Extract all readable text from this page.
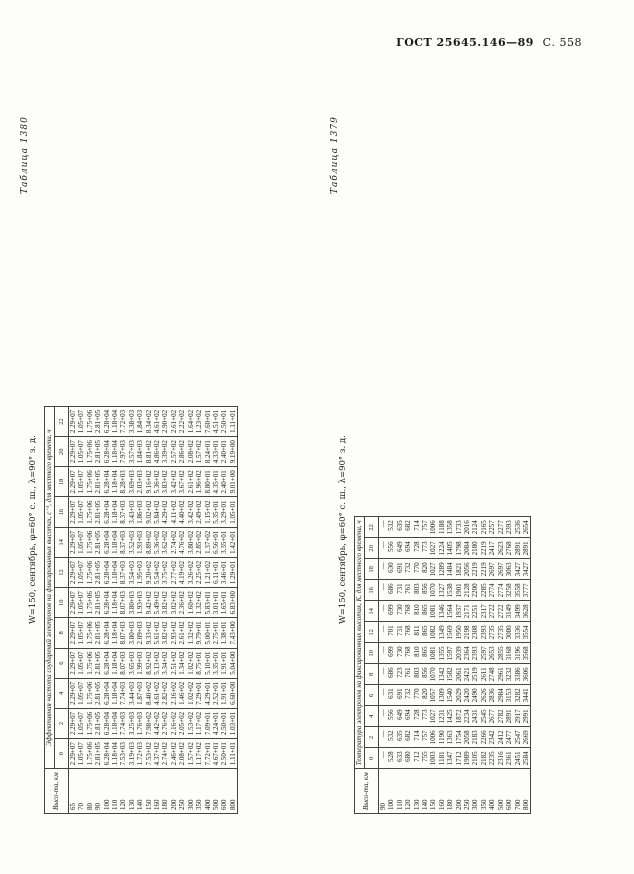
ГОСТ 25645.146—89 С. 558
Таблица 1379
W=150, сентябрь, φ=60° с. ш., λ=90° з. д.
Высо-та, км	Температура электронов на фиксированных высотах, К, для местного времени, ч											
	0	2	4	6	8	10	12	14	16	18	20	22
90	—	—	—	—	—	—	—	—	—	—	—	—
100	528	532	556	631	686	699	701	699	686	630	556	532
110	633	635	649	691	723	730	731	730	731	691	649	635
120	680	682	694	732	761	768	768	768	761	732	694	682
130	712	714	728	770	803	810	811	810	803	770	728	714
140	755	757	773	820	856	865	865	865	856	820	773	757
150	1003	1006	1027	1057	1070	1081	1082	1081	1070	1027	1027	1006
160	1181	1190	1231	1309	1342	1355	1349	1346	1327	1289	1224	1188
180	1347	1363	1425	1540	1582	1597	1569	1564	1538	1484	1405	1358
200	1712	1754	1872	2029	2061	2039	1950	1937	1901	1821	1798	1733
250	1989	2058	2234	2420	2421	2364	2198	2171	2128	2056	2084	2016
300	2105	2183	2431	2490	2519	2393	2308	2251	2200	2219	2180	2124
350	2182	2266	2545	2626	2611	2597	2393	2317	2285	2219	2219	2165
400	2235	2342	2677	2836	2748	2653	2735	2722	2774	2697	2417	2257
500	2316	2412	2782	2984	2961	2855	2735	2722	2774	2697	2623	2277
600	2361	2477	2891	3153	3232	3168	3080	3149	3258	3063	2768	2393
700	2451	2547	2917	3282	3386	3196	3336	3499	3558	3427	2891	2536
800	2584	2669	2991	3441	3606	3568	3554	3628	3777	3427	2891	2654
Таблица 1380
W=150, сентябрь, φ=60° с. ш., λ=90° з. д.
Высо-та, км	Эффективная частота соударений электронов на фиксированных высотах, с⁻¹, для местного времени, ч											
	0	2	4	6	8	10	12	14	16	18	20	22
65	2.29+07	2.29+07	2.29+07	2.29+07	2.29+07	2.29+07	2.29+07	2.29+07	2.29+07	2.29+07	2.29+07	2.29+07
70	1.05+07	1.05+07	1.05+07	1.05+07	1.05+07	1.05+07	1.05+07	1.05+07	1.05+07	1.05+07	1.05+07	1.05+07
80	1.75+06	1.75+06	1.75+06	1.75+06	1.75+06	1.75+06	1.75+06	1.75+06	1.75+06	1.75+06	1.75+06	1.75+06
90	2.81+05	2.81+05	2.81+05	2.81+05	2.81+05	2.81+05	2.81+05	2.81+05	2.81+05	2.81+05	2.81+05	2.81+05
100	6.28+04	6.28+04	6.28+04	6.28+04	6.28+04	6.28+04	6.28+04	6.28+04	6.28+04	6.28+04	6.28+04	6.28+04
110	1.18+04	1.18+04	1.18+04	1.18+04	1.18+04	1.18+04	1.18+04	1.18+04	1.18+04	1.18+04	1.18+04	1.18+04
120	7.53+03	7.74+03	7.74+03	8.07+03	8.07+03	8.07+03	8.37+03	8.37+03	8.37+03	8.28+03	7.97+03	7.72+03
130	3.19+03	3.25+03	3.44+03	3.65+03	3.80+03	3.80+03	3.54+03	3.52+03	3.43+03	3.69+03	3.57+03	3.38+03
140	1.72+03	1.76+03	1.87+03	1.99+03	2.09+03	1.93+03	1.95+03	1.93+03	1.86+03	2.03+03	1.84+03	1.84+03
150	7.53+02	7.98+02	8.40+02	8.92+02	9.33+02	9.42+02	9.20+02	8.89+02	9.02+02	9.16+02	8.81+02	8.34+02
160	4.37+02	4.42+02	4.61+02	5.13+02	5.61+02	5.49+02	5.54+02	5.36+02	5.84+02	5.36+02	4.86+02	4.61+02
180	2.74+02	2.76+02	2.82+02	3.34+02	3.82+02	3.82+02	3.75+02	3.62+02	4.29+02	3.83+02	3.39+02	2.90+02
200	2.46+02	2.16+02	2.16+02	2.51+02	2.93+02	3.02+02	2.77+02	2.74+02	4.11+02	3.42+02	2.57+02	2.61+02
250	2.08+02	2.05+02	1.46+02	1.34+02	2.61+02	2.36+02	4.19+02	4.76+02	4.40+02	3.67+02	2.86+02	2.22+02
300	1.57+02	1.53+02	1.02+02	1.02+02	1.32+02	1.60+02	3.26+02	3.80+02	3.42+02	2.61+02	2.08+02	1.64+02
350	1.17+02	1.17+02	7.29+01	8.75+01	9.79+01	1.32+02	2.25+02	2.85+02	2.49+02	1.96+02	1.57+02	1.23+02
400	7.72+01	7.09+01	4.29+01	5.10+01	5.00+01	5.83+01	1.21+02	1.37+02	1.15+02	8.80+01	8.24+01	7.60+01
500	4.67+01	4.24+01	2.52+01	3.35+01	2.75+01	3.01+01	6.11+01	6.56+01	5.35+01	4.35+01	4.33+01	4.51+01
600	2.50+01	2.50+01	1.91+01	1.91+01	1.38+01	1.65+01	3.46+01	3.35+01	3.29+01	2.40+01	2.40+01	2.50+01
800	1.11+01	1.03+01	6.60+00	5.04+00	7.43+00	6.83+00	1.29+01	1.42+01	1.05+01	9.01+00	9.19+00	1.11+01
